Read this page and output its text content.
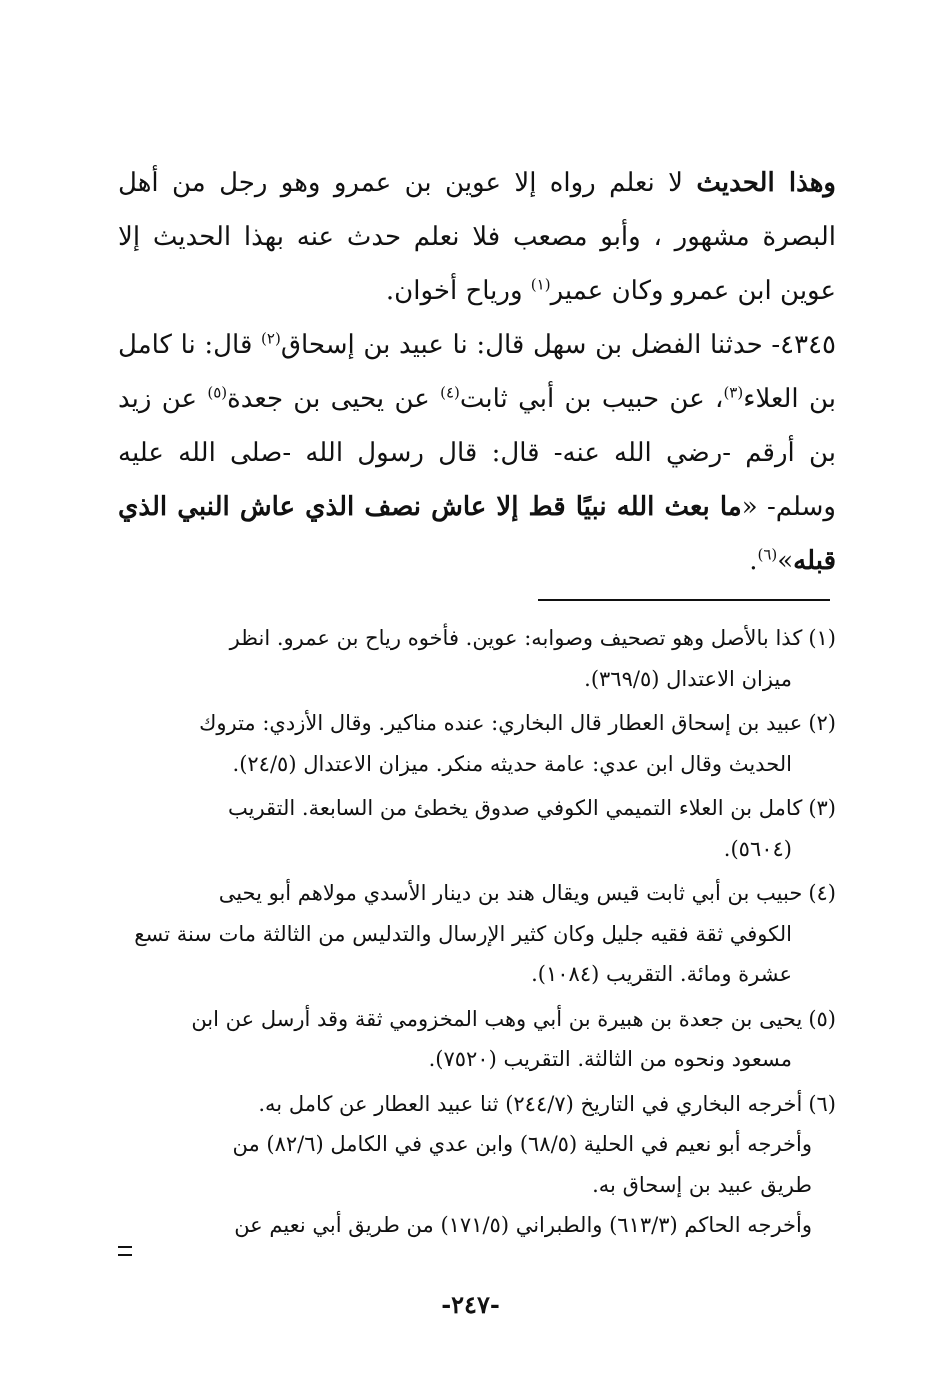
وهذا الحديث لا نعلم رواه إلا عوين بن عمرو وهو رجل من أهل البصرة مشهور ، وأبو مصعب فلا نعلم حدث عنه بهذا الحديث إلا عوين ابن عمرو وكان عمير$^{(١)}$ ورياح أخوان.

٤٣٤٥- حدثنا الفضل بن سهل قال: نا عبيد بن إسحاق$^{(٢)}$ قال: نا كامل بن العلاء$^{(٣)}$، عن حبيب بن أبي ثابت$^{(٤)}$ عن يحيى بن جعدة$^{(٥)}$ عن زيد بن أرقم -رضي الله عنه- قال: قال رسول الله -صلى الله عليه وسلم- «ما بعث الله نبيًا قط إلا عاش نصف الذي عاش النبي الذي قبله»$^{(٦)}$.

(١)كذا بالأصل وهو تصحيف وصوابه: عوين. فأخوه رياح بن عمرو. انظر
ميزان الاعتدال (٣٦٩/٥).

(٢)عبيد بن إسحاق العطار قال البخاري: عنده مناكير. وقال الأزدي: متروك
الحديث وقال ابن عدي: عامة حديثه منكر. ميزان الاعتدال (٢٤/٥).

(٣)كامل بن العلاء التميمي الكوفي صدوق يخطئ من السابعة. التقريب
(٥٦٠٤).

(٤)حبيب بن أبي ثابت قيس ويقال هند بن دينار الأسدي مولاهم أبو يحيى
الكوفي ثقة فقيه جليل وكان كثير الإرسال والتدليس من الثالثة مات سنة تسع
عشرة ومائة. التقريب (١٠٨٤).

(٥)يحيى بن جعدة بن هبيرة بن أبي وهب المخزومي ثقة وقد أرسل عن ابن
مسعود ونحوه من الثالثة. التقريب (٧٥٢٠).

(٦)أخرجه البخاري في التاريخ (٢٤٤/٧) ثنا عبيد العطار عن كامل به.
وأخرجه أبو نعيم في الحلية (٦٨/٥) وابن عدي في الكامل (٨٢/٦) من
طريق عبيد بن إسحاق به.
وأخرجه الحاكم (٦١٣/٣) والطبراني (١٧١/٥) من طريق أبي نعيم عن

-٢٤٧-
